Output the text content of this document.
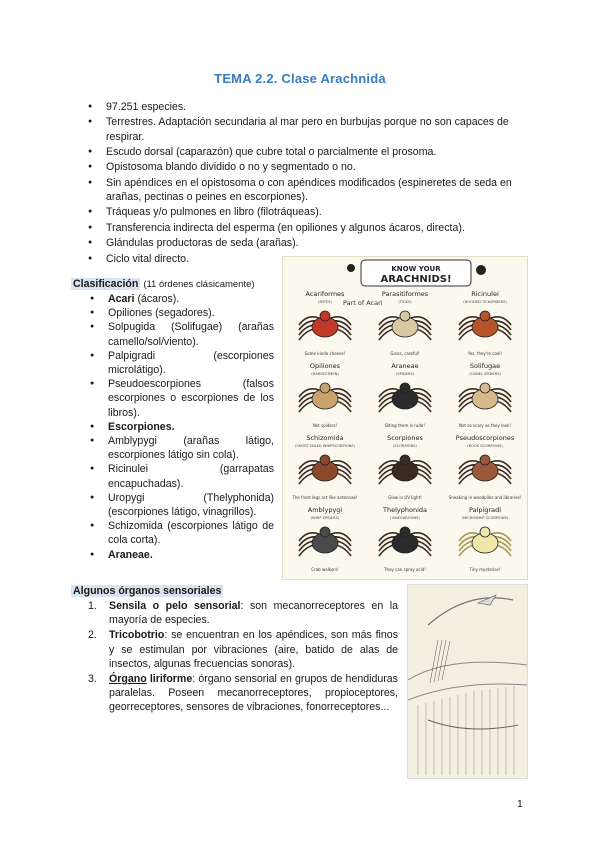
TEMA 2.2. Clase Arachnida
● 97.251 especies.
● Terrestres. Adaptación secundaria al mar pero en burbujas porque no son capaces de respirar.
● Escudo dorsal (caparazón) que cubre total o parcialmente el prosoma.
● Opistosoma blando dividido o no y segmentado o no.
● Sin apéndices en el opistosoma o con apéndices modificados (espineretes de seda en arañas, pectinas o peines en escorpiones).
● Tráqueas y/o pulmones en libro (filotráqueas).
● Transferencia indirecta del esperma (en opiliones y algunos ácaros, directa).
● Glándulas productoras de seda (arañas).
● Ciclo vital directo.
Clasificación (11 órdenes clásicamente)
● Acari (ácaros).
● Opiliones (segadores).
● Solpugida (Solifugae) (arañas camello/sol/viento).
● Palpigradi	(escorpiones microlátigo).
● Pseudoescorpiones	(falsos escorpiones o escorpiones de los libros).
● Escorpiones.
● Amblypygi (arañas látigo, escorpiones látigo sin cola).
● Ricinulei	(garrapatas encapuchadas).
● Uropygi	(Thelyphonida) (escorpiones látigo, vinagrillos).
● Schizomida (escorpiones látigo de cola corta).
● Araneae.
KNOW YOUR
ARACHNIDS!
Acariformes
(MITES)
Some kinda cheese!
Parasitiformes
(TICKS)
Gross, careful!
Ricinulei
(HOODED TICKSPIDERS)
Yes, they're cool!
Opiliones
(HARVESTMEN)
Not spiders!
Araneae
(SPIDERS)
Biting them is rude!
Solifugae
(CAMEL SPIDERS)
Not so scary as they look!
Schizomida
(SHORT-TAILED WHIPSCORPIONS)
The front legs act like antennae!
Scorpiones
(SCORPIONS)
Glow in UV light!
Pseudoscorpiones
(BOOK SCORPIONS)
Sneaking in woodpiles and libraries!
Amblypygi
(WHIP SPIDERS)
Crab walkers!
Thelyphonida
(VINEGAROONS)
They can spray acid!
Palpigradi
(MICROWHIP SCORPIONS)
Tiny mysteries!
Part of Acari
Algunos órganos sensoriales
1. Sensila o pelo sensorial: son mecanorreceptores en la mayoría de especies.
2. Tricobotrio: se encuentran en los apéndices, son más finos y se estimulan por vibraciones (aire, batido de alas de insectos, algunas frecuencias sonoras).
3. Órgano liriforme: órgano sensorial en grupos de hendiduras paralelas. Poseen mecanorreceptores, propioceptores, georreceptores, sensores de vibraciones, fonorreceptores...
1
